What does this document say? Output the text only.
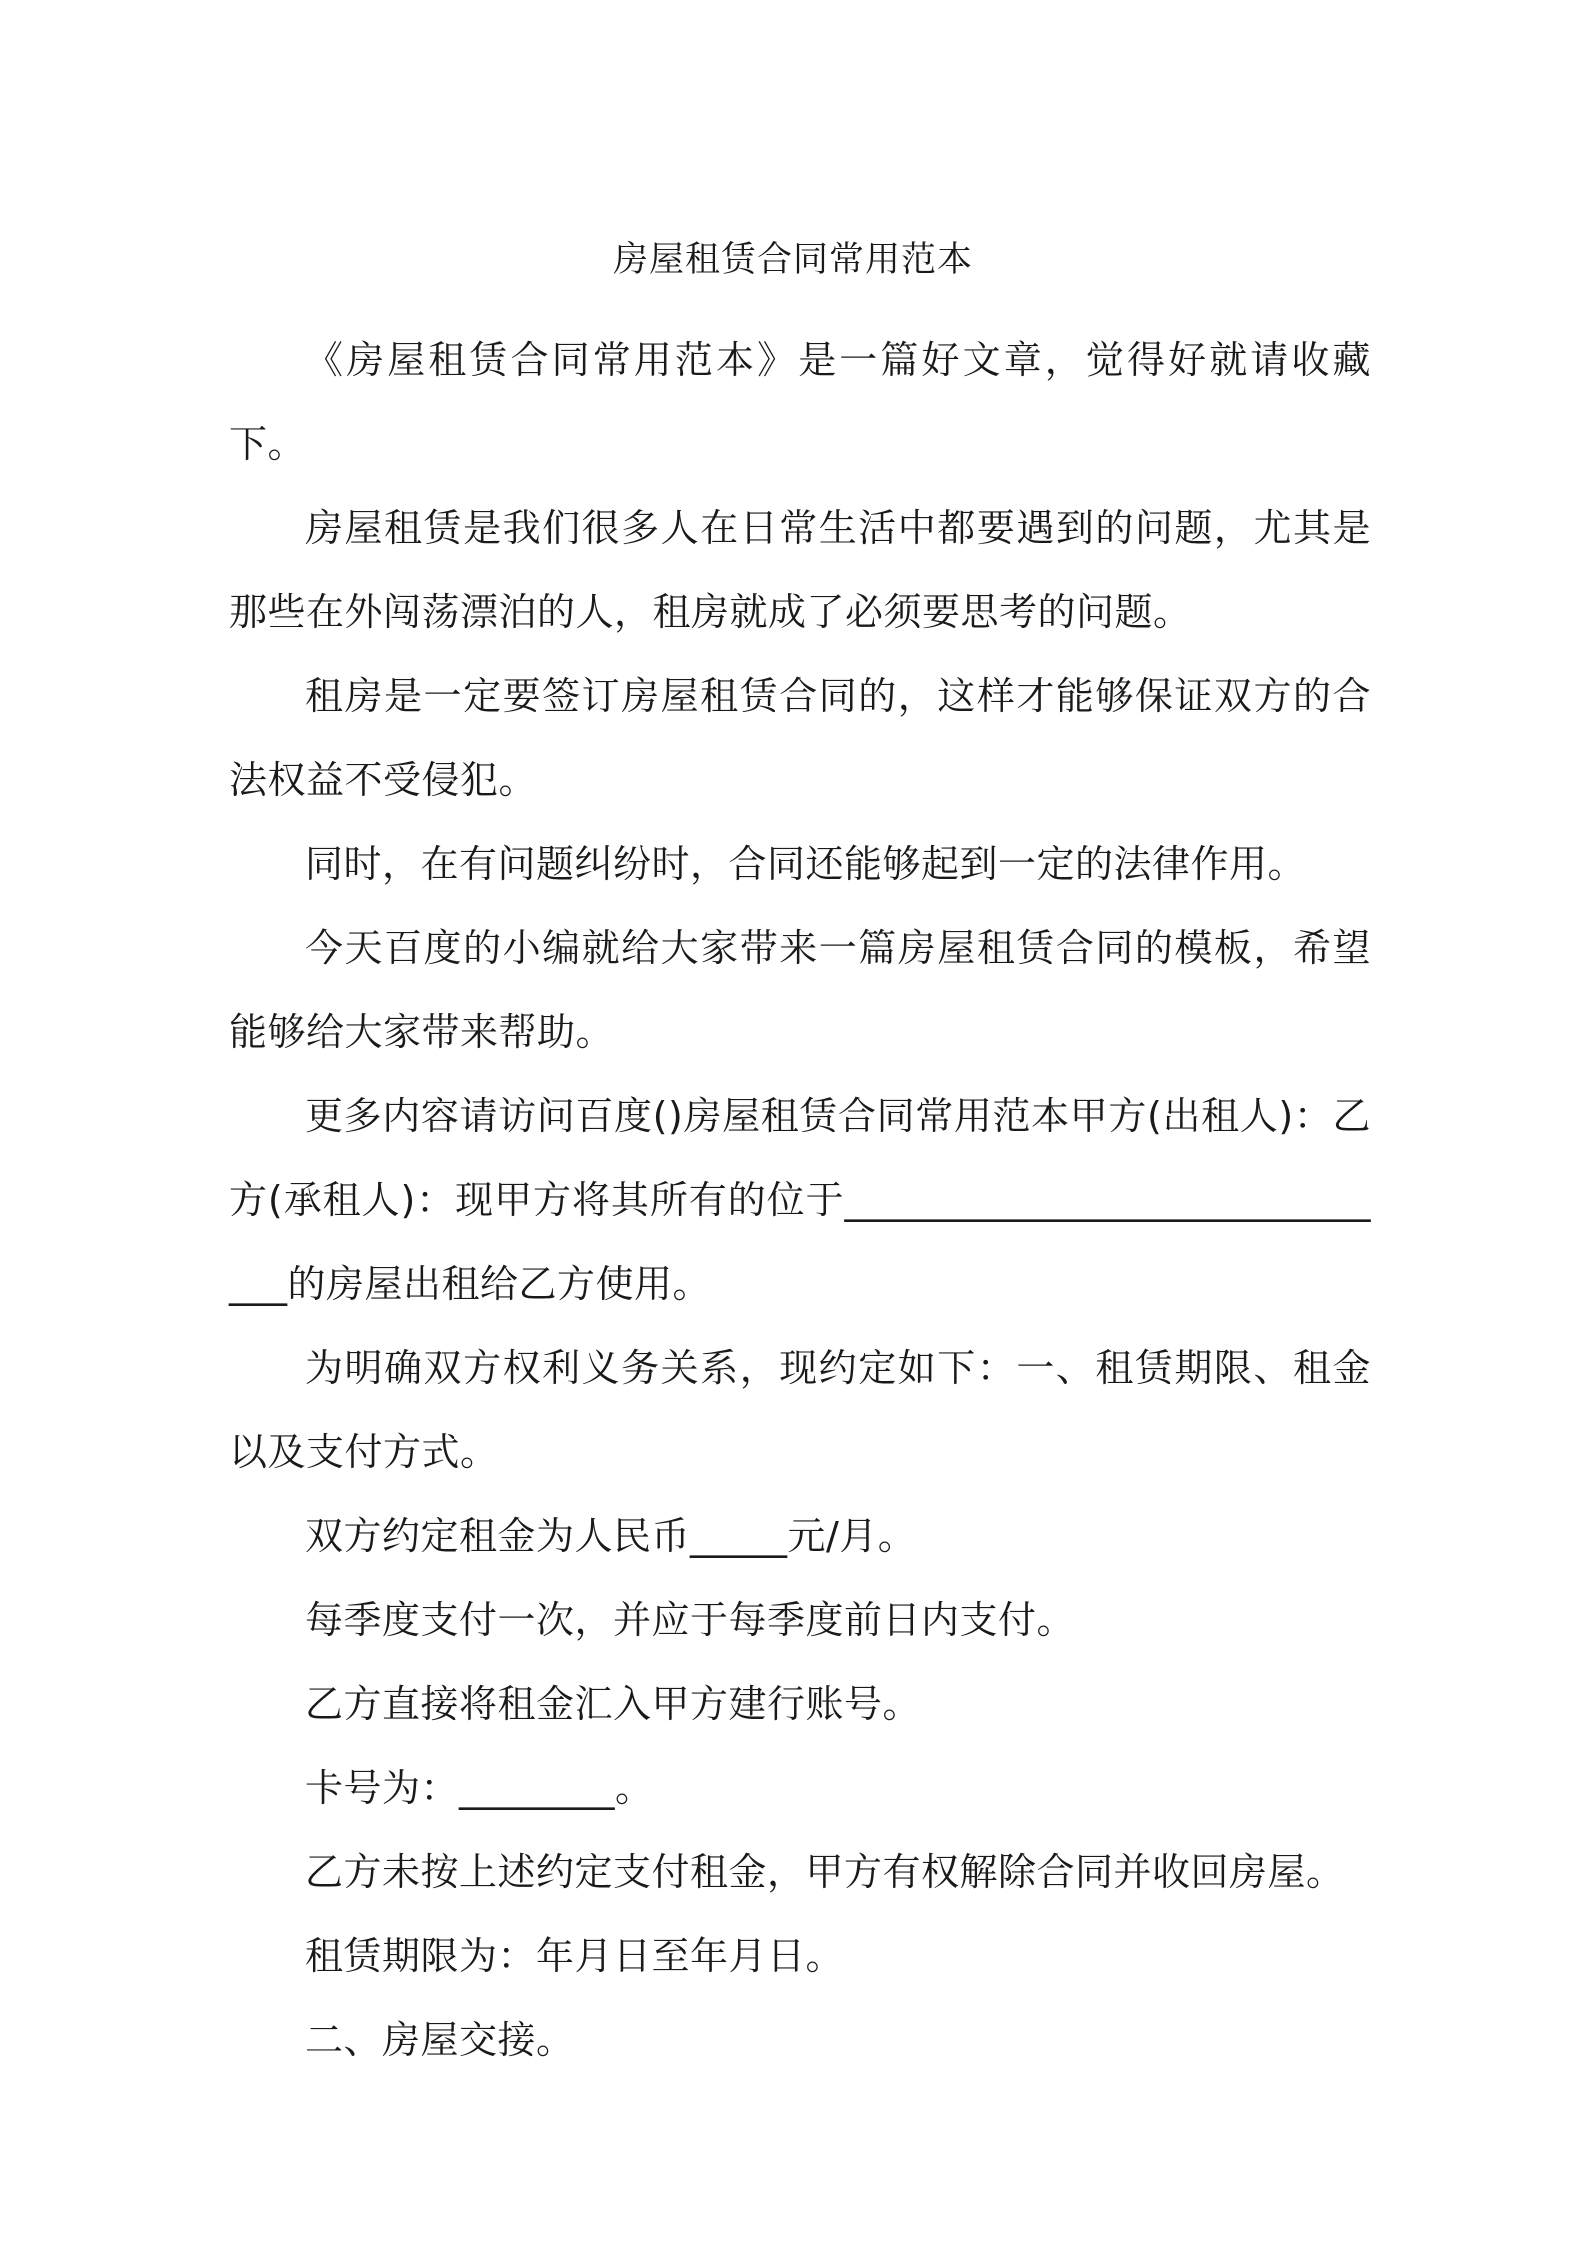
房屋租赁合同常用范本

《房屋租赁合同常用范本》是一篇好文章，觉得好就请收藏下。

房屋租赁是我们很多人在日常生活中都要遇到的问题，尤其是那些在外闯荡漂泊的人，租房就成了必须要思考的问题。

租房是一定要签订房屋租赁合同的，这样才能够保证双方的合法权益不受侵犯。

同时，在有问题纠纷时，合同还能够起到一定的法律作用。

今天百度的小编就给大家带来一篇房屋租赁合同的模板，希望能够给大家带来帮助。

更多内容请访问百度()房屋租赁合同常用范本甲方(出租人)：乙方(承租人)：现甲方将其所有的位于______________________________的房屋出租给乙方使用。

为明确双方权利义务关系，现约定如下：一、租赁期限、租金以及支付方式。

双方约定租金为人民币_____元/月。

每季度支付一次，并应于每季度前日内支付。

乙方直接将租金汇入甲方建行账号。

卡号为：________。

乙方未按上述约定支付租金，甲方有权解除合同并收回房屋。

租赁期限为：年月日至年月日。

二、房屋交接。
